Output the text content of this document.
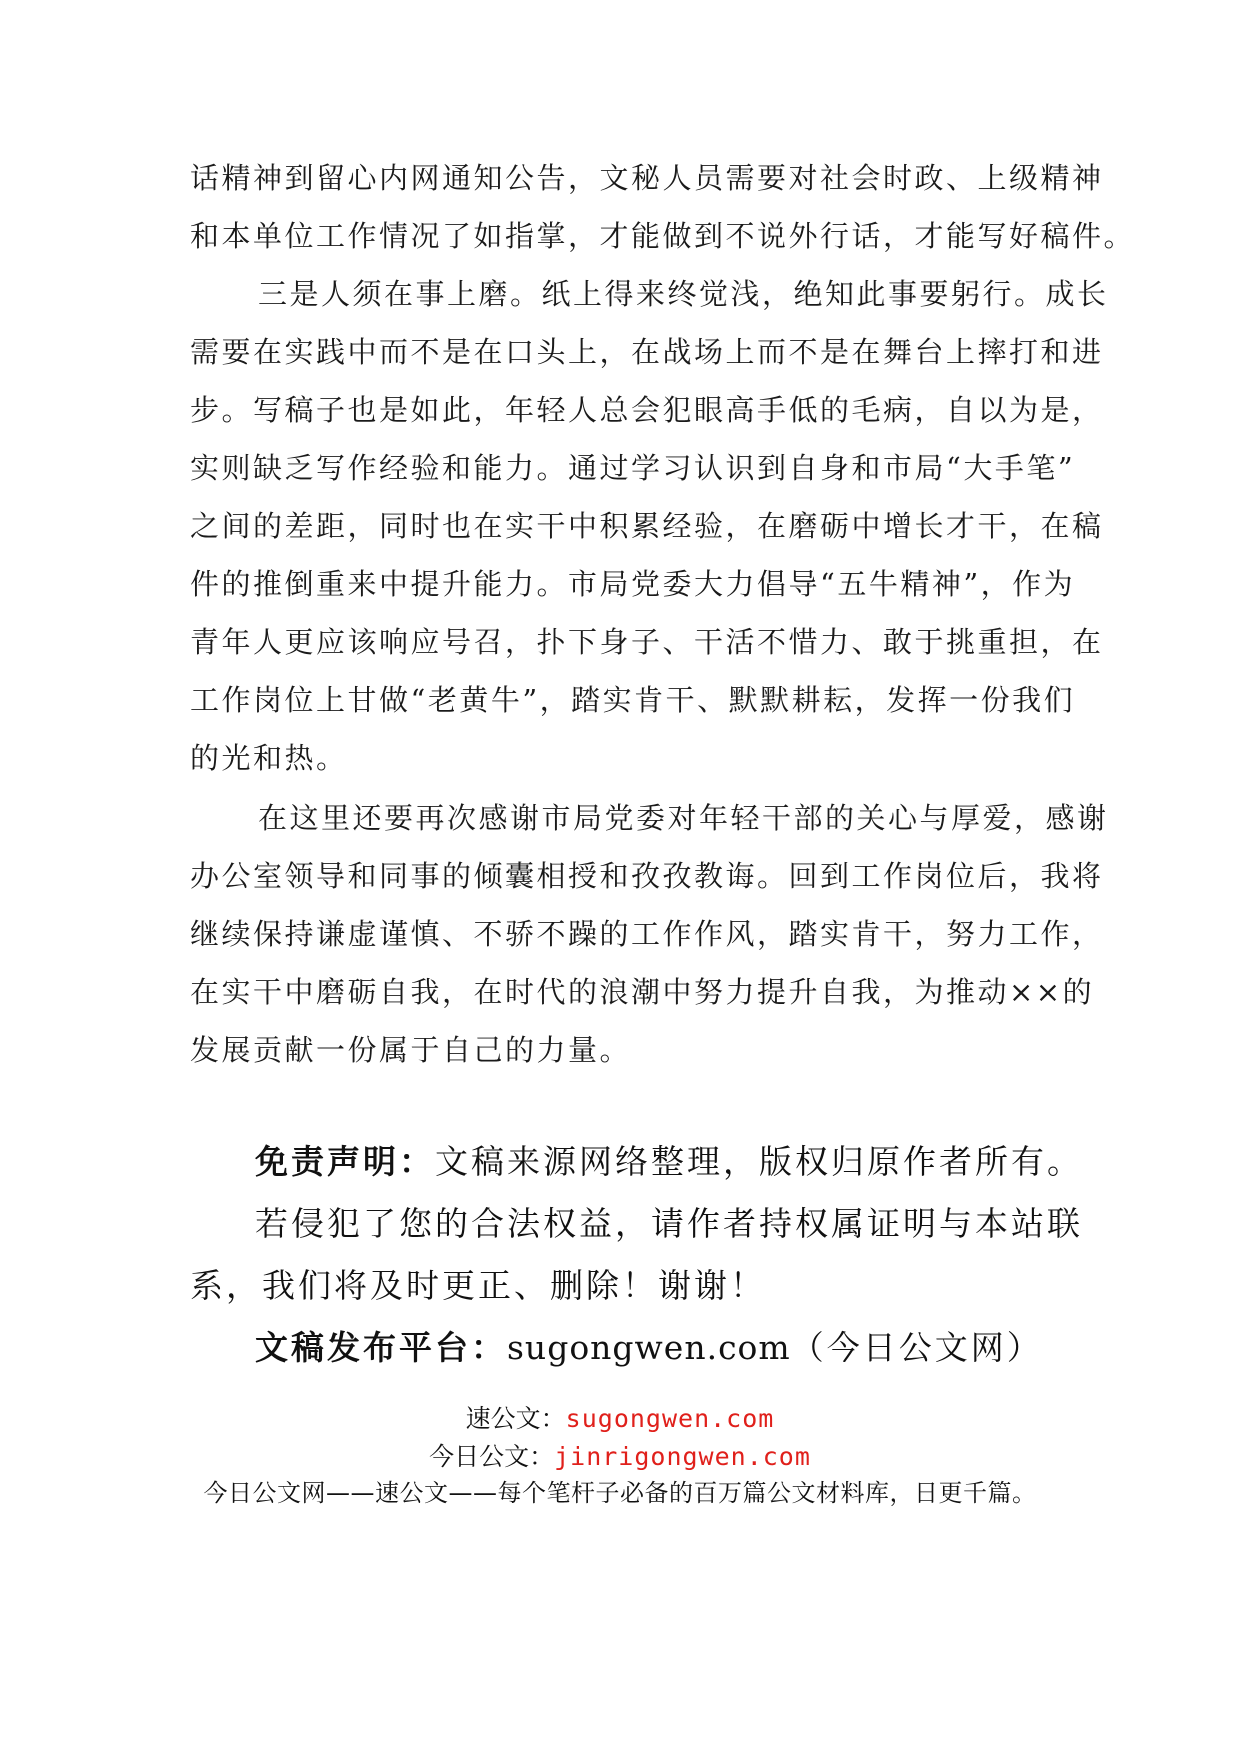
话精神到留心内网通知公告，文秘人员需要对社会时政、上级精神
和本单位工作情况了如指掌，才能做到不说外行话，才能写好稿件。
三是人须在事上磨。纸上得来终觉浅，绝知此事要躬行。成长
需要在实践中而不是在口头上，在战场上而不是在舞台上摔打和进
步。写稿子也是如此，年轻人总会犯眼高手低的毛病，自以为是，
实则缺乏写作经验和能力。通过学习认识到自身和市局“大手笔”
之间的差距，同时也在实干中积累经验，在磨砺中增长才干，在稿
件的推倒重来中提升能力。市局党委大力倡导“五牛精神”，作为
青年人更应该响应号召，扑下身子、干活不惜力、敢于挑重担，在
工作岗位上甘做“老黄牛”，踏实肯干、默默耕耘，发挥一份我们
的光和热。
在这里还要再次感谢市局党委对年轻干部的关心与厚爱，感谢
办公室领导和同事的倾囊相授和孜孜教诲。回到工作岗位后，我将
继续保持谦虚谨慎、不骄不躁的工作作风，踏实肯干，努力工作，
在实干中磨砺自我，在时代的浪潮中努力提升自我，为推动××的
发展贡献一份属于自己的力量。
免责声明：文稿来源网络整理，版权归原作者所有。
若侵犯了您的合法权益，请作者持权属证明与本站联
系，我们将及时更正、删除！谢谢！
文稿发布平台：sugongwen.com（今日公文网）
速公文：sugongwen.com
今日公文：jinrigongwen.com
今日公文网——速公文——每个笔杆子必备的百万篇公文材料库，日更千篇。
